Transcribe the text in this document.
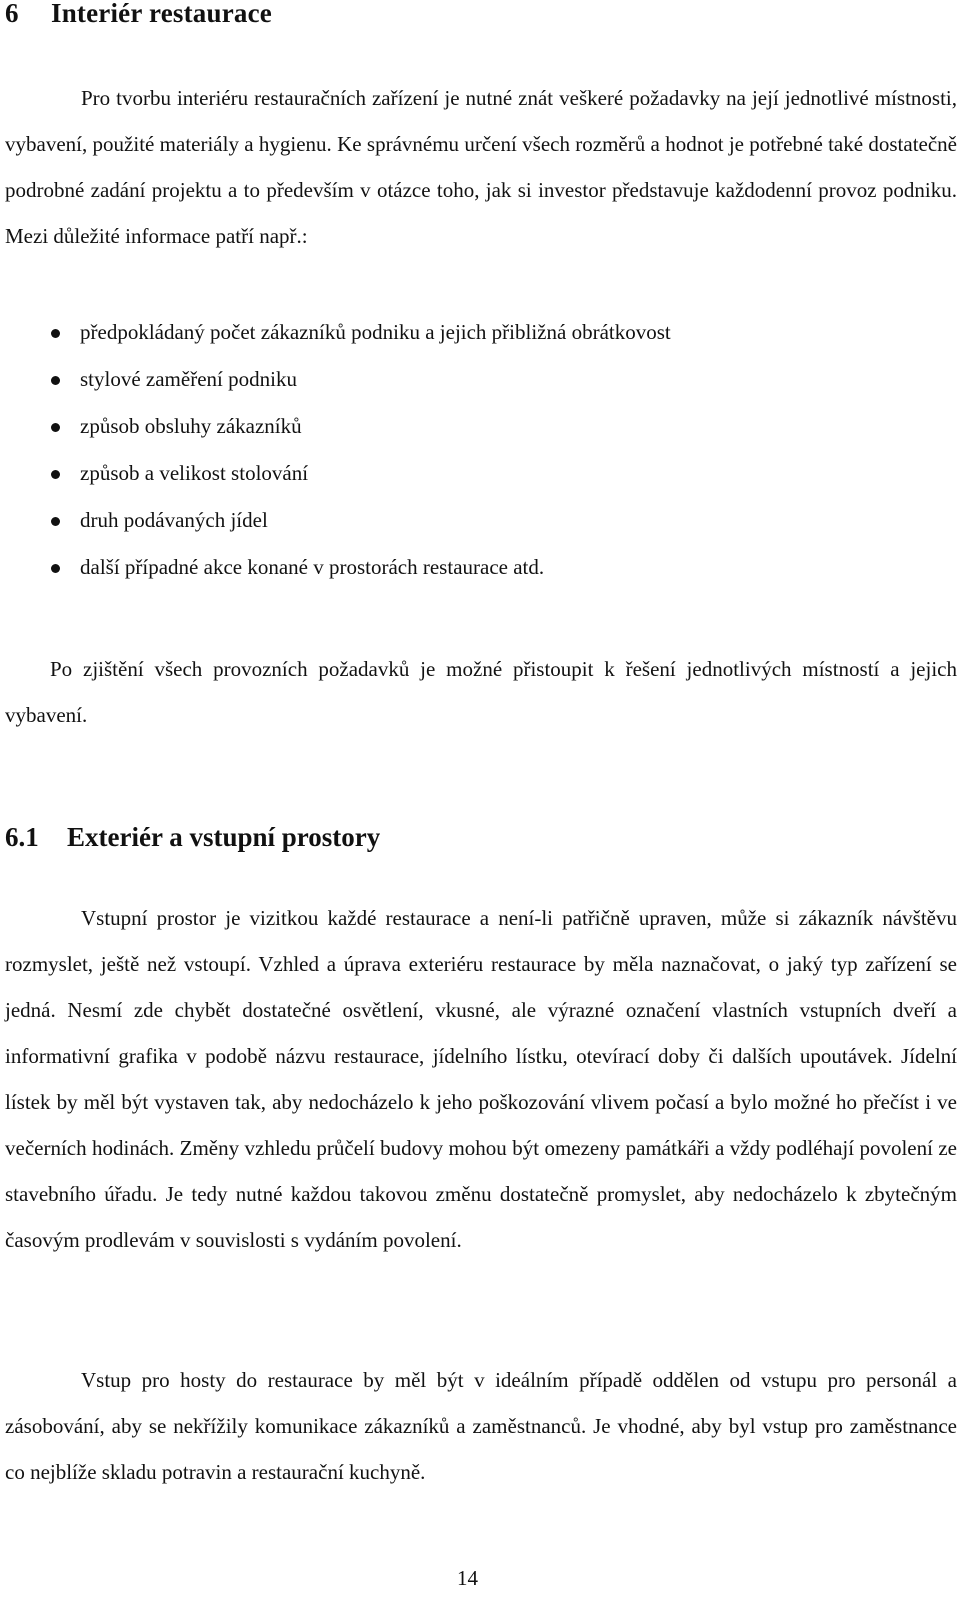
6 Interiér restaurace

Pro tvorbu interiéru restauračních zařízení je nutné znát veškeré požadavky na její jednotlivé místnosti, vybavení, použité materiály a hygienu. Ke správnému určení všech rozměrů a hodnot je potřebné také dostatečně podrobné zadání projektu a to především v otázce toho, jak si investor představuje každodenní provoz podniku. Mezi důležité informace patří např.:

předpokládaný počet zákazníků podniku a jejich přibližná obrátkovost
stylové zaměření podniku
způsob obsluhy zákazníků
způsob a velikost stolování
druh podávaných jídel
další případné akce konané v prostorách restaurace atd.

Po zjištění všech provozních požadavků je možné přistoupit k řešení jednotlivých místností a jejich vybavení.

6.1 Exteriér a vstupní prostory

Vstupní prostor je vizitkou každé restaurace a není-li patřičně upraven, může si zákazník návštěvu rozmyslet, ještě než vstoupí. Vzhled a úprava exteriéru restaurace by měla naznačovat, o jaký typ zařízení se jedná. Nesmí zde chybět dostatečné osvětlení, vkusné, ale výrazné označení vlastních vstupních dveří a informativní grafika v podobě názvu restaurace, jídelního lístku, otevírací doby či dalších upoutávek. Jídelní lístek by měl být vystaven tak, aby nedocházelo k jeho poškozování vlivem počasí a bylo možné ho přečíst i ve večerních hodinách. Změny vzhledu průčelí budovy mohou být omezeny památkáři a vždy podléhají povolení ze stavebního úřadu. Je tedy nutné každou takovou změnu dostatečně promyslet, aby nedocházelo k zbytečným časovým prodlevám v souvislosti s vydáním povolení.

Vstup pro hosty do restaurace by měl být v ideálním případě oddělen od vstupu pro personál a zásobování, aby se nekřížily komunikace zákazníků a zaměstnanců. Je vhodné, aby byl vstup pro zaměstnance co nejblíže skladu potravin a restaurační kuchyně.

14
